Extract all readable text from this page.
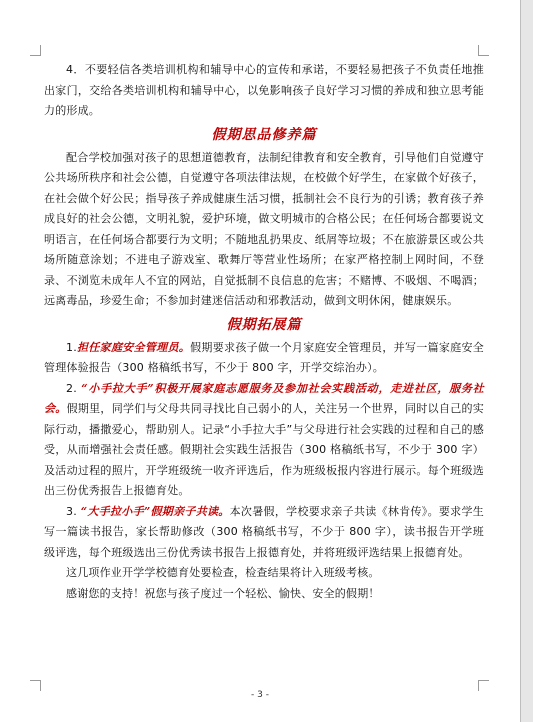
4．不要轻信各类培训机构和辅导中心的宣传和承诺，不要轻易把孩子不负责任地推出家门，交给各类培训机构和辅导中心，以免影响孩子良好学习习惯的养成和独立思考能力的形成。

假期思品修养篇

配合学校加强对孩子的思想道德教育，法制纪律教育和安全教育，引导他们自觉遵守公共场所秩序和社会公德，自觉遵守各项法律法规，在校做个好学生，在家做个好孩子，在社会做个好公民；指导孩子养成健康生活习惯，抵制社会不良行为的引诱；教育孩子养成良好的社会公德，文明礼貌，爱护环境，做文明城市的合格公民；在任何场合都要说文明语言，在任何场合都要行为文明；不随地乱扔果皮、纸屑等垃圾；不在旅游景区或公共场所随意涂划；不进电子游戏室、歌舞厅等营业性场所；在家严格控制上网时间，不登录、不浏览未成年人不宜的网站，自觉抵制不良信息的危害；不赌博、不吸烟、不喝酒；远离毒品，珍爱生命；不参加封建迷信活动和邪教活动，做到文明休闲，健康娱乐。

假期拓展篇

1.担任家庭安全管理员。假期要求孩子做一个月家庭安全管理员，并写一篇家庭安全管理体验报告（300 格稿纸书写，不少于 800 字，开学交综治办）。

2. “小手拉大手”积极开展家庭志愿服务及参加社会实践活动，走进社区，服务社会。假期里，同学们与父母共同寻找比自己弱小的人，关注另一个世界，同时以自己的实际行动，播撒爱心，帮助别人。记录“小手拉大手”与父母进行社会实践的过程和自己的感受，从而增强社会责任感。假期社会实践生活报告（300 格稿纸书写，不少于 300 字）及活动过程的照片，开学班级统一收齐评选后，作为班级板报内容进行展示。每个班级选出三份优秀报告上报德育处。

3. “大手拉小手”假期亲子共读。本次暑假，学校要求亲子共读《林肯传》。要求学生写一篇读书报告，家长帮助修改（300 格稿纸书写，不少于 800 字），读书报告开学班级评选，每个班级选出三份优秀读书报告上报德育处，并将班级评选结果上报德育处。

这几项作业开学学校德育处要检查，检查结果将计入班级考核。

感谢您的支持！祝您与孩子度过一个轻松、愉快、安全的假期！

- 3 -
